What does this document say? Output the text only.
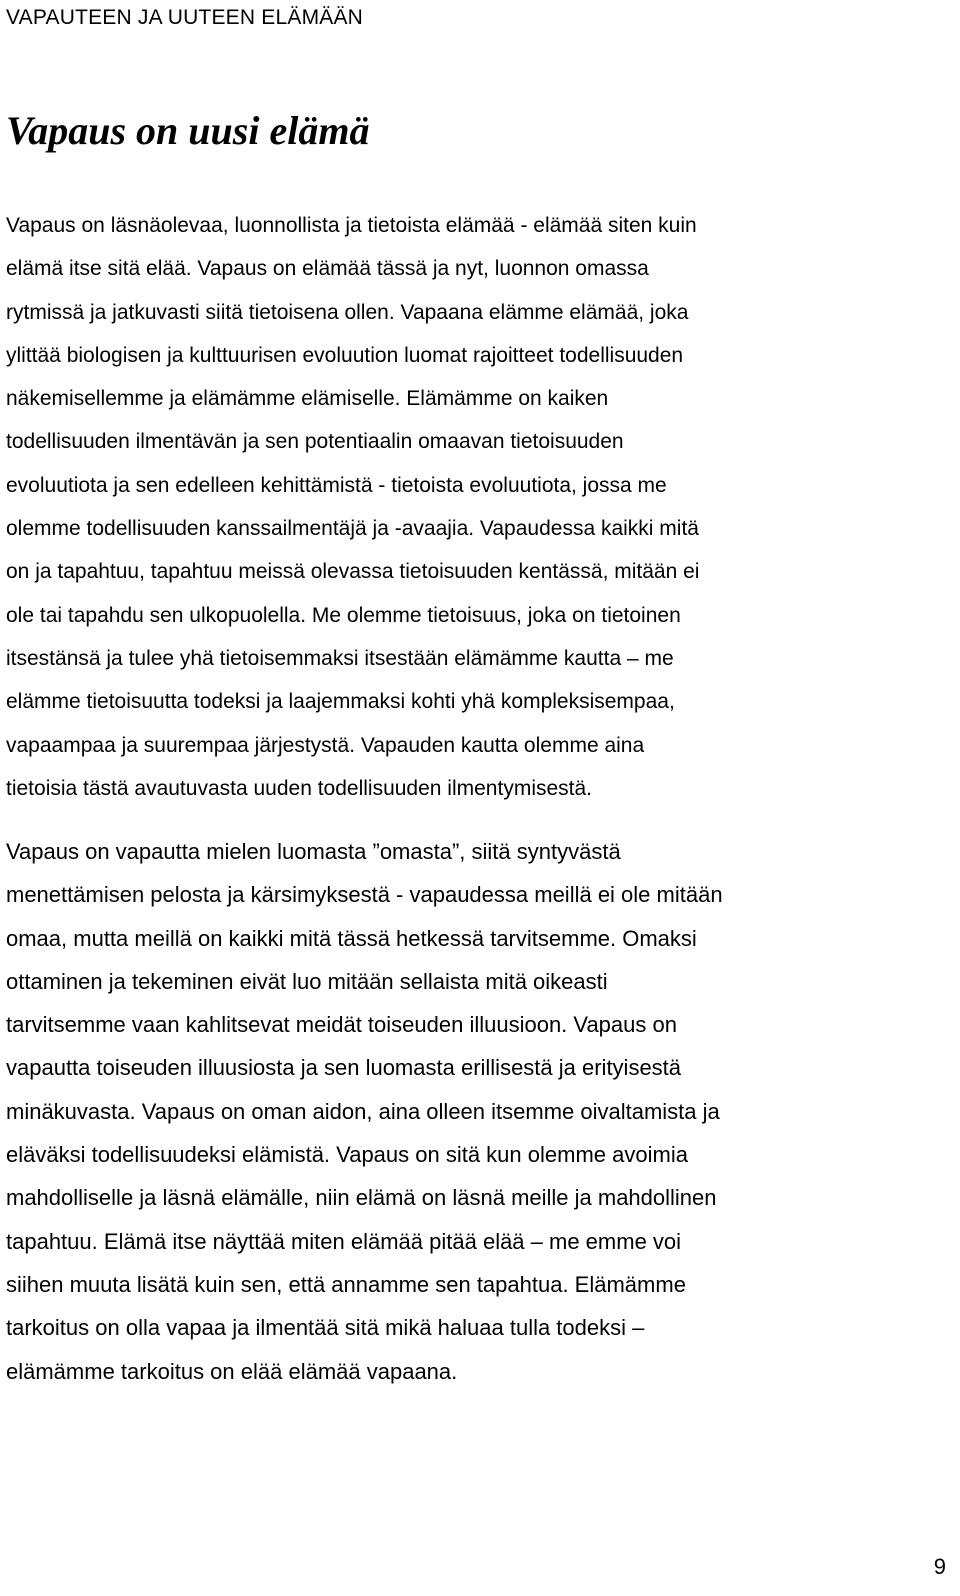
VAPAUTEEN JA UUTEEN ELÄMÄÄN
Vapaus on uusi elämä

Vapaus on läsnäolevaa, luonnollista ja tietoista elämää - elämää siten kuin
elämä itse sitä elää. Vapaus on elämää tässä ja nyt, luonnon omassa
rytmissä ja jatkuvasti siitä tietoisena ollen. Vapaana elämme elämää, joka
ylittää biologisen ja kulttuurisen evoluution luomat rajoitteet todellisuuden
näkemisellemme ja elämämme elämiselle. Elämämme on kaiken
todellisuuden ilmentävän ja sen potentiaalin omaavan tietoisuuden
evoluutiota ja sen edelleen kehittämistä - tietoista evoluutiota, jossa me
olemme todellisuuden kanssailmentäjä ja -avaajia. Vapaudessa kaikki mitä
on ja tapahtuu, tapahtuu meissä olevassa tietoisuuden kentässä, mitään ei
ole tai tapahdu sen ulkopuolella. Me olemme tietoisuus, joka on tietoinen
itsestänsä ja tulee yhä tietoisemmaksi itsestään elämämme kautta – me
elämme tietoisuutta todeksi ja laajemmaksi kohti yhä kompleksisempaa,
vapaampaa ja suurempaa järjestystä. Vapauden kautta olemme aina
tietoisia tästä avautuvasta uuden todellisuuden ilmentymisestä.

Vapaus on vapautta mielen luomasta ”omasta”, siitä syntyvästä
menettämisen pelosta ja kärsimyksestä - vapaudessa meillä ei ole mitään
omaa, mutta meillä on kaikki mitä tässä hetkessä tarvitsemme. Omaksi
ottaminen ja tekeminen eivät luo mitään sellaista mitä oikeasti
tarvitsemme vaan kahlitsevat meidät toiseuden illuusioon. Vapaus on
vapautta toiseuden illuusiosta ja sen luomasta erillisestä ja erityisestä
minäkuvasta. Vapaus on oman aidon, aina olleen itsemme oivaltamista ja
eläväksi todellisuudeksi elämistä. Vapaus on sitä kun olemme avoimia
mahdolliselle ja läsnä elämälle, niin elämä on läsnä meille ja mahdollinen
tapahtuu. Elämä itse näyttää miten elämää pitää elää – me emme voi
siihen muuta lisätä kuin sen, että annamme sen tapahtua. Elämämme
tarkoitus on olla vapaa ja ilmentää sitä mikä haluaa tulla todeksi –
elämämme tarkoitus on elää elämää vapaana.

9
